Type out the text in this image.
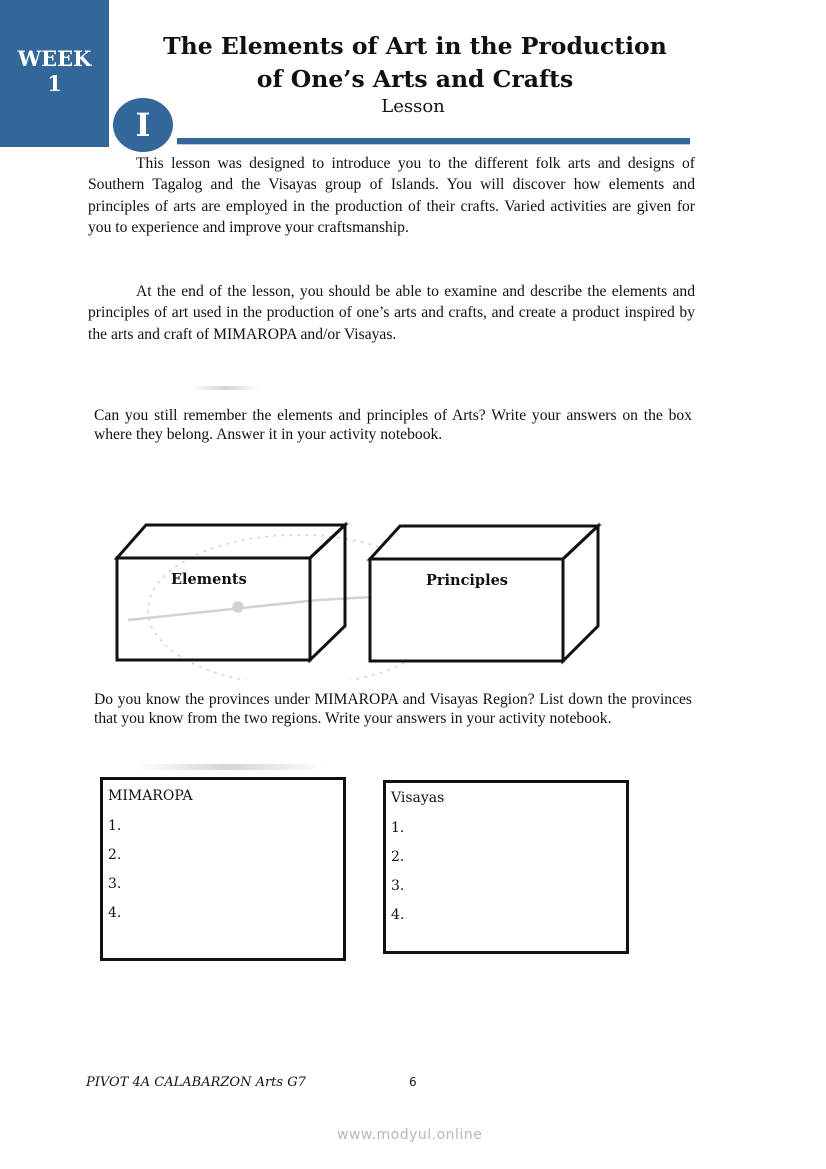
WEEK
1
The Elements of Art in the Production
of One’s Arts and Crafts
Lesson
I

This lesson was designed to introduce you to the different folk arts and designs of Southern Tagalog and the Visayas group of Islands. You will discover how elements and principles of arts are employed in the production of their crafts. Varied activities are given for you to experience and improve your craftsmanship.

At the end of the lesson, you should be able to examine and describe the elements and principles of art used in the production of one’s arts and crafts, and create a product inspired by the arts and craft of MIMAROPA and/or Visayas.

Can you still remember the elements and principles of Arts? Write your answers on the box where they belong. Answer it in your activity notebook.

Elements	Principles

Do you know the provinces under MIMAROPA and Visayas Region? List down the provinces that you know from the two regions. Write your answers in your activity notebook.

MIMAROPA
1.
2.
3.
4.
Visayas
1.
2.
3.
4.
PIVOT 4A CALABARZON Arts G7	6
www.modyul.online
